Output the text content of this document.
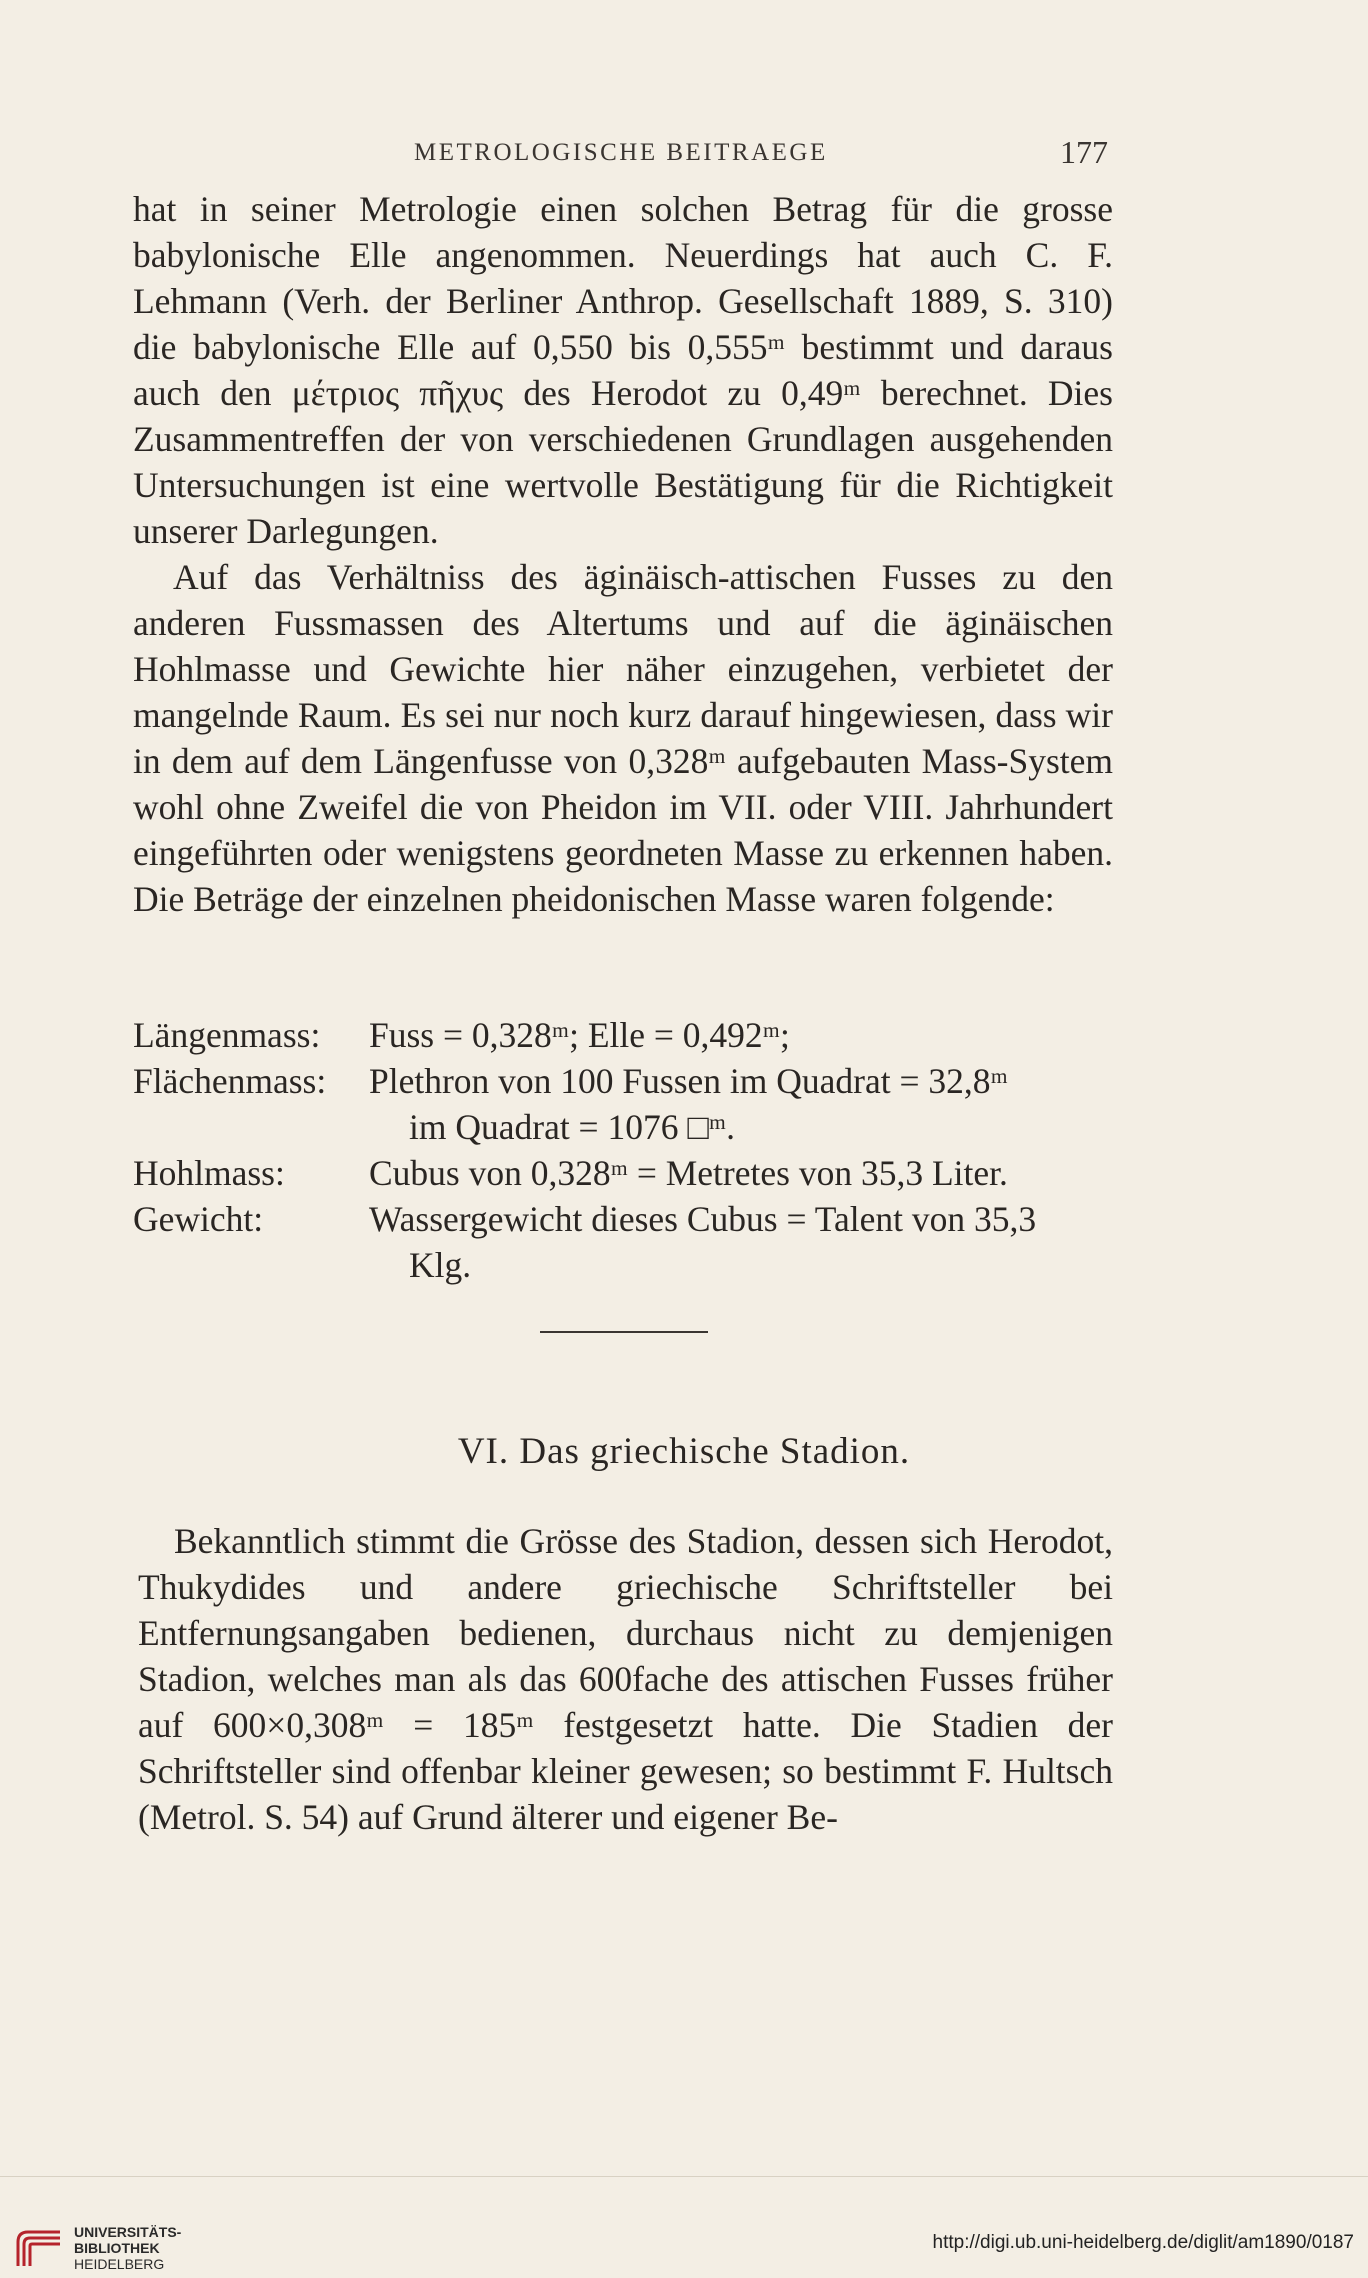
METROLOGISCHE BEITRAEGE	177

hat in seiner Metrologie einen solchen Betrag für die grosse babylonische Elle angenommen. Neuerdings hat auch C. F. Lehmann (Verh. der Berliner Anthrop. Gesellschaft 1889, S. 310) die babylonische Elle auf 0,550 bis 0,555ᵐ bestimmt und daraus auch den μέτριος πῆχυς des Herodot zu 0,49ᵐ berechnet. Dies Zusammentreffen der von verschiedenen Grundlagen ausgehenden Untersuchungen ist eine wertvolle Bestätigung für die Richtigkeit unserer Darlegungen.

Auf das Verhältniss des äginäisch-attischen Fusses zu den anderen Fussmassen des Altertums und auf die äginäischen Hohlmasse und Gewichte hier näher einzugehen, verbietet der mangelnde Raum. Es sei nur noch kurz darauf hingewiesen, dass wir in dem auf dem Längenfusse von 0,328ᵐ aufgebauten Mass-System wohl ohne Zweifel die von Pheidon im VII. oder VIII. Jahrhundert eingeführten oder wenigstens geordneten Masse zu erkennen haben. Die Beträge der einzelnen pheidonischen Masse waren folgende:

Längenmass:	Fuss = 0,328ᵐ; Elle = 0,492ᵐ;
Flächenmass:	Plethron von 100 Fussen im Quadrat = 32,8ᵐ
im Quadrat = 1076 □ᵐ.
Hohlmass:	Cubus von 0,328ᵐ = Metretes von 35,3 Liter.
Gewicht:	Wassergewicht dieses Cubus = Talent von 35,3
Klg.
VI. Das griechische Stadion.

Bekanntlich stimmt die Grösse des Stadion, dessen sich Herodot, Thukydides und andere griechische Schriftsteller bei Entfernungsangaben bedienen, durchaus nicht zu demjenigen Stadion, welches man als das 600fache des attischen Fusses früher auf 600×0,308ᵐ = 185ᵐ festgesetzt hatte. Die Stadien der Schriftsteller sind offenbar kleiner gewesen; so bestimmt F. Hultsch (Metrol. S. 54) auf Grund älterer und eigener Be-

UNIVERSITÄTS-
BIBLIOTHEK
HEIDELBERG
http://digi.ub.uni-heidelberg.de/diglit/am1890/0187
